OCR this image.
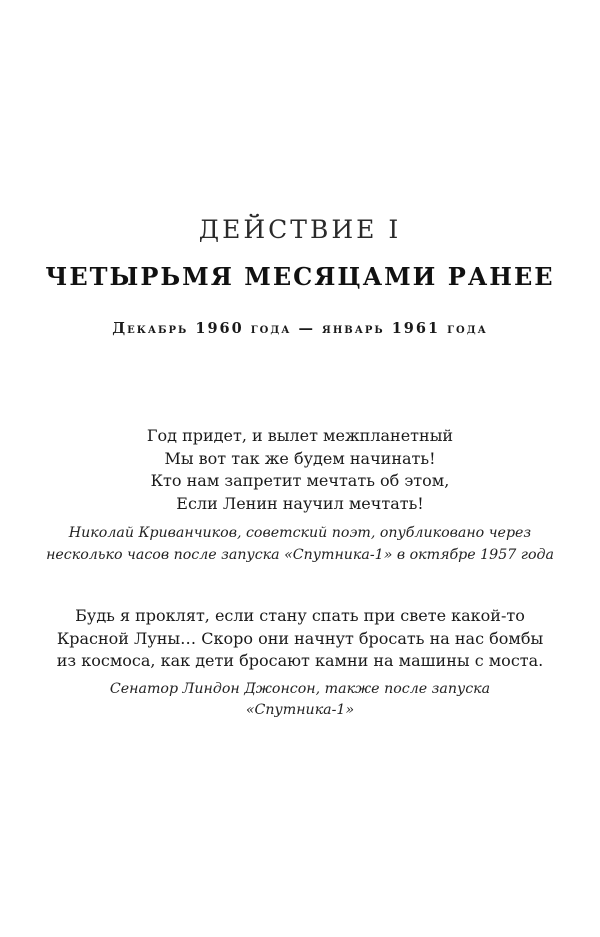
ДЕЙСТВИЕ I
ЧЕТЫРЬМЯ МЕСЯЦАМИ РАНЕЕ
Декабрь 1960 года — январь 1961 года
Год придет, и вылет межпланетный
Мы вот так же будем начинать!
Кто нам запретит мечтать об этом,
Если Ленин научил мечтать!
Николай Криванчиков, советский поэт, опубликовано через
несколько часов после запуска «Спутника-1» в октябре 1957 года
Будь я проклят, если стану спать при свете какой-то
Красной Луны… Скоро они начнут бросать на нас бомбы
из космоса, как дети бросают камни на машины с моста.
Сенатор Линдон Джонсон, также после запуска
«Спутника-1»
